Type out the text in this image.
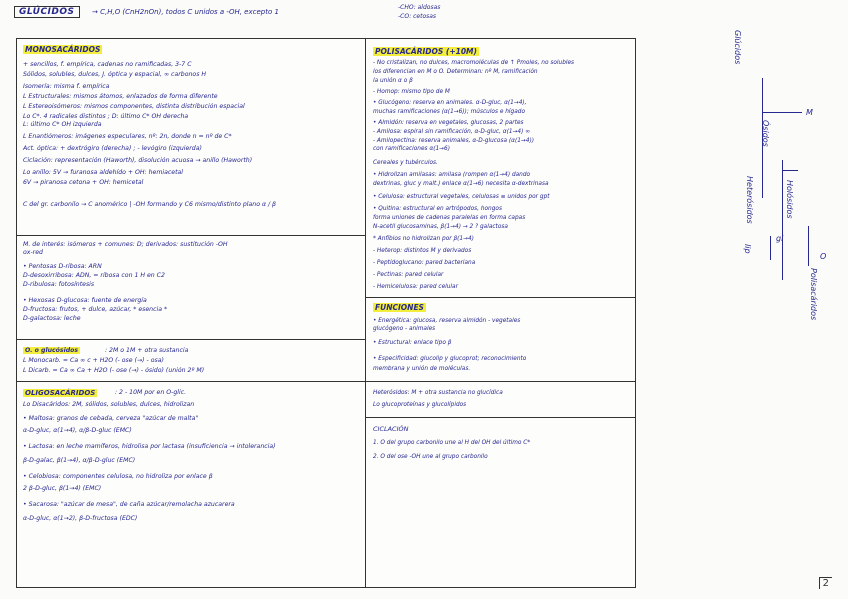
GLÚCIDOS	→ C,H,O (CnH2nOn), todos C unidos a -OH, excepto 1
-CHO: aldosas
-CO: cetosas
MONOSACÁRIDOS
+ sencillos, f. empírica, cadenas no ramificadas, 3-7 C
Sólidos, solubles, dulces, J. óptica y espacial, ∞ carbonos H
Isomería: misma f. empírica
L Estructurales: mismos átomos, enlazados de forma diferente
L Estereoisómeros: mismos componentes, distinta distribución espacial
Lo C*. 4 radicales distintos ; D: último C* OH derecha
L: último C* OH izquierda
L Enantiómeros: imágenes especulares, nº: 2n, donde n = nº de C*
Act. óptica: + dextrógiro (derecha) ; - levógiro (izquierda)
Ciclación: representación (Haworth), disolución acuosa → anillo (Haworth)
Lo anillo: 5V → furanosa aldehído + OH: hemiacetal
6V → piranosa cetona + OH: hemicetal
C del gr. carbonilo → C anomérico | -OH formando y C6 mismo/distinto plano α / β
M. de interés: isómeros + comunes: D; derivados: sustitución -OH
ox-red
• Pentosas D-ribosa: ARN
D-desoxirribosa: ADN, = ribosa con 1 H en C2
D-ribulosa: fotosíntesis
• Hexosas D-glucosa: fuente de energía
D-fructosa: frutos, + dulce, azúcar, * esencia *
D-galactosa: leche
O. o glucósidos	: 2M o 1M + otra sustancia
L Monocarb. = Ca ∞ c + H2O (- ose (→) - osa)
L Dicarb. = Ca ∞ Ca + H2O (- ose (→) - ósido) (unión 2º M)
OLIGOSACÁRIDOS	: 2 - 10M por en O-glic.
Lo Disacáridos: 2M, sólidos, solubles, dulces, hidrolizan
• Maltosa: granos de cebada, cerveza "azúcar de malta"
α-D-gluc, α(1→4), α/β-D-gluc (EMC)
• Lactosa: en leche mamíferos, hidrolisa por lactasa (insuficiencia → intolerancia)
β-D-galac, β(1→4), α/β-D-gluc (EMC)
• Celobiosa: componentes celulosa, no hidroliza por enlace β
2 β-D-gluc, β(1→4) (EMC)
• Sacarosa: "azúcar de mesa", de caña azúcar/remolacha azucarera
α-D-gluc, α(1→2), β-D-fructosa (EDC)
POLISACÁRIDOS (+10M)
- No cristalizan, no dulces, macromoléculas de ↑ Pmoles, no solubles
los diferencian en M o O. Determinan: nº M, ramificación
la unión α o β
- Homop: mismo tipo de M
• Glucógeno: reserva en animales. α-D-gluc, α(1→4),
muchas ramificaciones (α(1→6)); músculos e hígado
• Almidón: reserva en vegetales, glucosas, 2 partes
- Amilosa: espiral sin ramificación, α-D-gluc, α(1→4) ∞
- Amilopectina: reserva animales, α-D-glucosa (α(1→4))
con ramificaciones α(1→6)
Cereales y tubérculos.
• Hidrolizan amilasas: amilasa (rompen α(1→4) dando
dextrinas, gluc y malt.) enlace α(1→6) necesita α-dextrinasa
• Celulosa: estructural vegetales, celulosas ≡ unidos por gpt
• Quitina: estructural en artrópodos, hongos
forma uniones de cadenas paralelas en forma capas
N-acetil glucosaminas, β(1→4) → 2 ? galactosa
* Anfíbios no hidrolizan por β(1→4)
- Heterop: distintos M y derivados
- Peptidoglucano: pared bacteriana
- Pectinas: pared celular
- Hemicelulosa: pared celular
FUNCIONES
• Energética: glucosa, reserva almidón - vegetales
glucógeno - animales
• Estructural: enlace tipo β
• Especificidad: glucolip y glucoprot; reconocimiento
membrana y unión de moléculas.
Heterósidos: M + otra sustancia no glucídica
Lo glucoproteínas y glucolípidos
CICLACIÓN
1. O del grupo carbonilo une al H del OH del último C*
2. O del ose -OH une al grupo carbonilo
Glúcidos
M
Ósidos
Holósidos
Heterósidos
O
Polisacáridos
gl
lip
2
